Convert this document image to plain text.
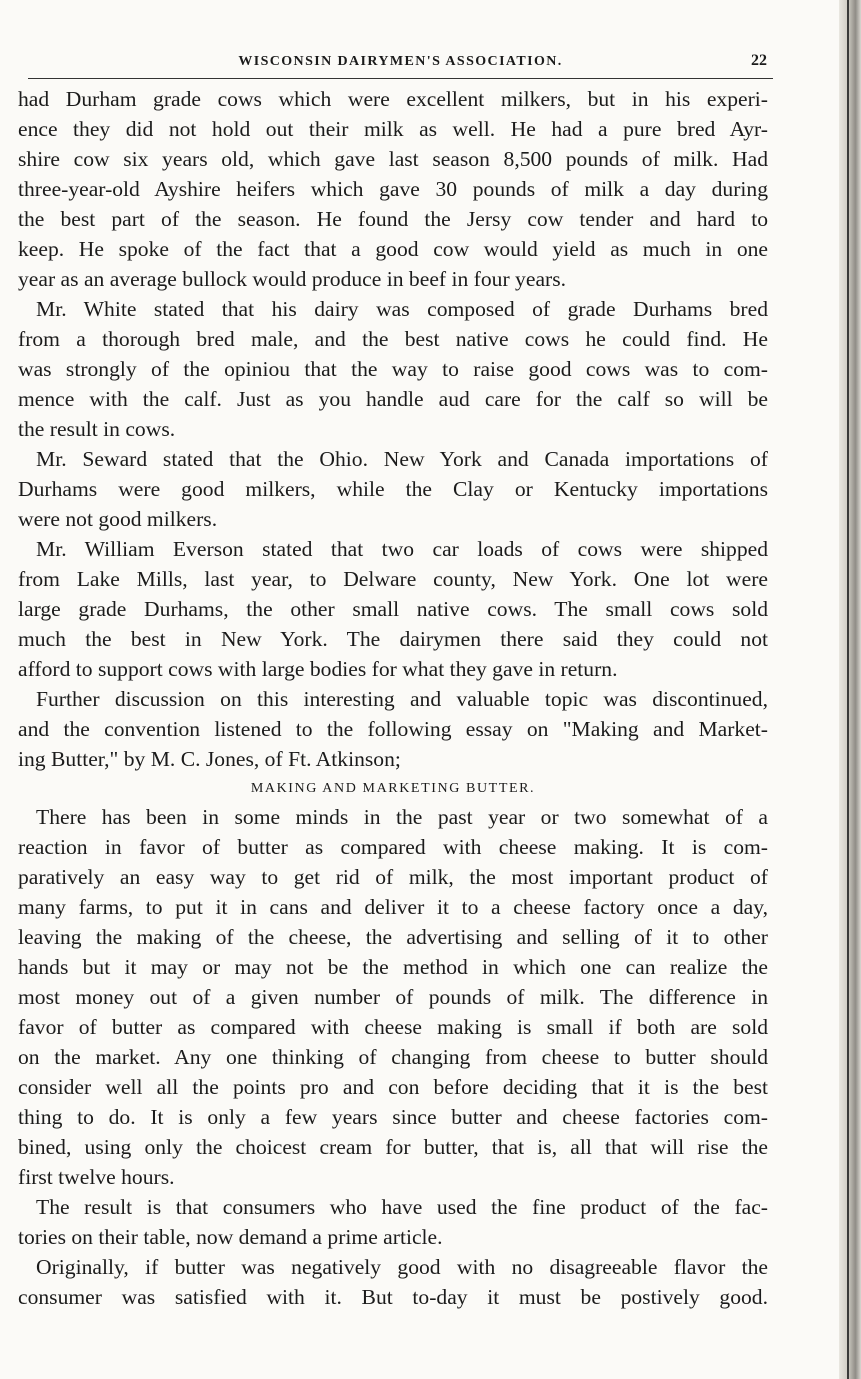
WISCONSIN DAIRYMEN'S ASSOCIATION.	22
had Durham grade cows which were excellent milkers, but in his experi-
ence they did not hold out their milk as well. He had a pure bred Ayr-
shire cow six years old, which gave last season 8,500 pounds of milk. Had
three-year-old Ayshire heifers which gave 30 pounds of milk a day during
the best part of the season. He found the Jersy cow tender and hard to
keep. He spoke of the fact that a good cow would yield as much in one
year as an average bullock would produce in beef in four years.
Mr. White stated that his dairy was composed of grade Durhams bred
from a thorough bred male, and the best native cows he could find. He
was strongly of the opiniou that the way to raise good cows was to com-
mence with the calf. Just as you handle aud care for the calf so will be
the result in cows.
Mr. Seward stated that the Ohio. New York and Canada importations of
Durhams were good milkers, while the Clay or Kentucky importations
were not good milkers.
Mr. William Everson stated that two car loads of cows were shipped
from Lake Mills, last year, to Delware county, New York. One lot were
large grade Durhams, the other small native cows. The small cows sold
much the best in New York. The dairymen there said they could not
afford to support cows with large bodies for what they gave in return.
Further discussion on this interesting and valuable topic was discontinued,
and the convention listened to the following essay on "Making and Market-
ing Butter," by M. C. Jones, of Ft. Atkinson;
MAKING AND MARKETING BUTTER.
There has been in some minds in the past year or two somewhat of a
reaction in favor of butter as compared with cheese making. It is com-
paratively an easy way to get rid of milk, the most important product of
many farms, to put it in cans and deliver it to a cheese factory once a day,
leaving the making of the cheese, the advertising and selling of it to other
hands but it may or may not be the method in which one can realize the
most money out of a given number of pounds of milk. The difference in
favor of butter as compared with cheese making is small if both are sold
on the market. Any one thinking of changing from cheese to butter should
consider well all the points pro and con before deciding that it is the best
thing to do. It is only a few years since butter and cheese factories com-
bined, using only the choicest cream for butter, that is, all that will rise the
first twelve hours.
The result is that consumers who have used the fine product of the fac-
tories on their table, now demand a prime article.
Originally, if butter was negatively good with no disagreeable flavor the
consumer was satisfied with it. But to-day it must be postively good.
